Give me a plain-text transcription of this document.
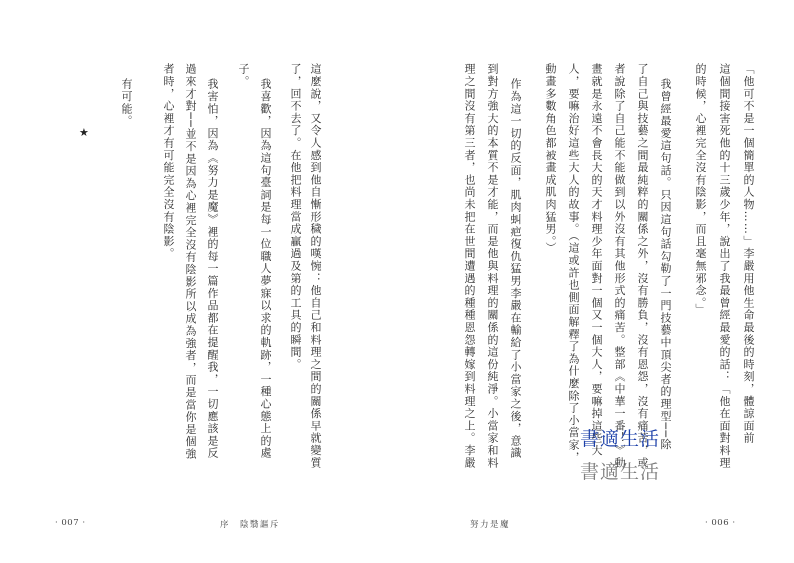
這麼說，又令人感到他自慚形穢的嘆惋：他自己和料理之間的關係早就變質
了，回不去了。在他把料理當成贏過及第的工具的瞬間。
我喜歡，因為這句臺詞是每一位職人夢寐以求的軌跡，一種心態上的處
子。
我害怕，因為《努力是魔》裡的每一篇作品都在提醒我，一切應該是反
過來才對──並不是因為心裡完全沒有陰影所以成為強者，而是當你是個強
者時，心裡才有可能完全沒有陰影。
有可能。
★
· 007 ·	序　陰翳謳斥
「他可不是一個簡單的人物……」李嚴用他生命最後的時刻，體諒面前
這個間接害死他的十三歲少年，說出了我最曾經最愛的話：「他在面對料理
的時候，心裡完全沒有陰影，而且毫無邪念。」
我曾經最愛這句話。只因這句話勾勒了一門技藝中頂尖者的理型──除
了自己與技藝之間最純粹的關係之外，沒有勝負，沒有恩怨，沒有痛苦，或
者說除了自己能不能做到以外沒有其他形式的痛苦。整部《中華一番！》動
畫就是永遠不會長大的天才料理少年面對一個又一個大人，要嘛掉這些大
人，要嘛治好這些大人的故事。（這或許也側面解釋了為什麼除了小當家，
動畫多數角色都被畫成肌肉猛男。）
作為這一切的反面，肌肉虯疤復仇猛男李嚴在輸給了小當家之後，意識
到對方強大的本質不是才能，而是他與料理的關係的這份純淨。小當家和料
理之間沒有第三者，也尚未把在世間遭遇的種種恩怨轉嫁到料理之上。李嚴
努力是魔	· 006 ·
書適生活
書適生活
